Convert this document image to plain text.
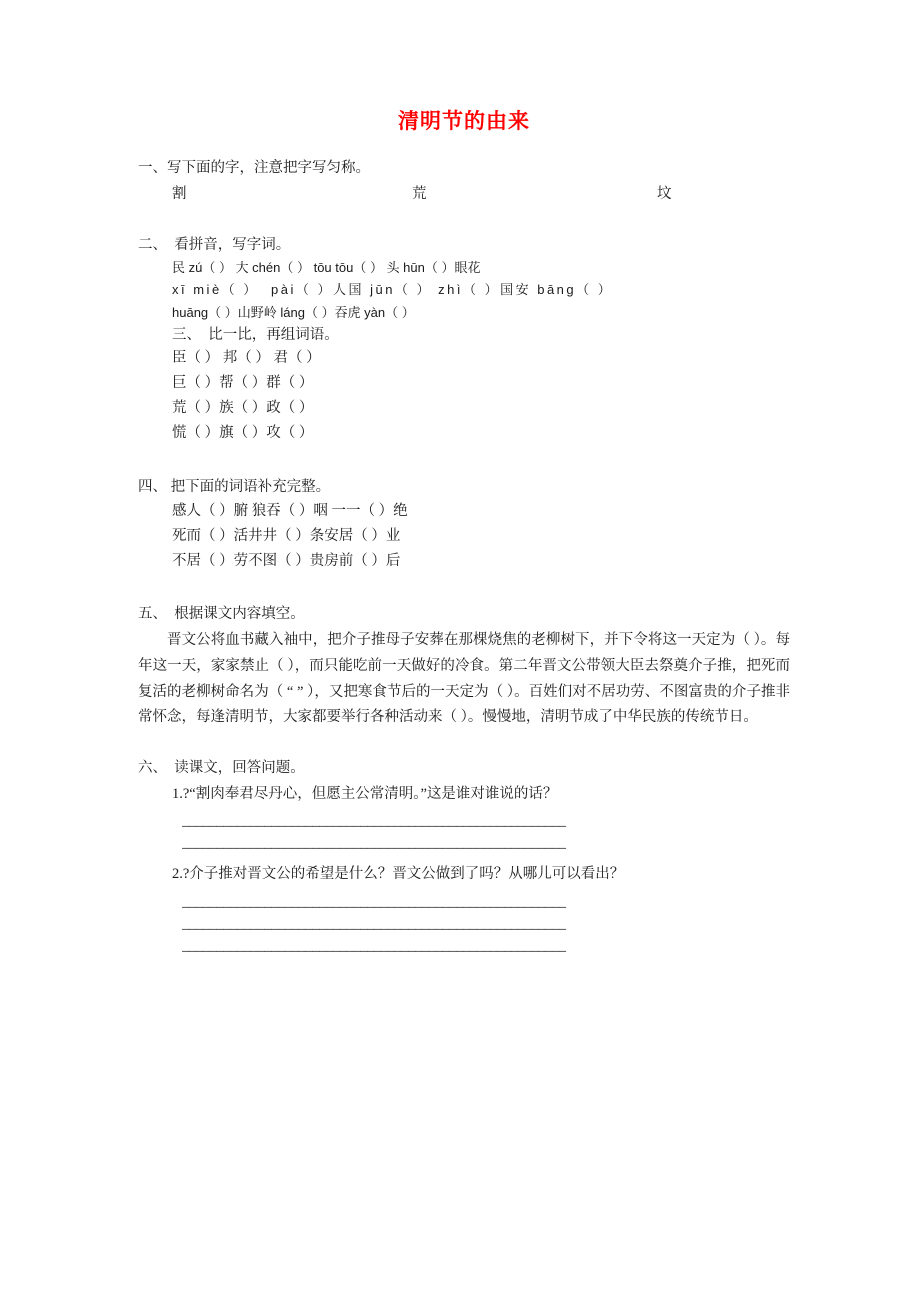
清明节的由来
一、写下面的字，注意把字写匀称。
割	荒	坟
二、  看拼音，写字词。
民 zú（ ） 大 chén（ ） tōu tōu（ ） 头 hūn（ ）眼花
xī miè（ ）  pài（ ）人国 jūn（ ） zhì（ ）国安 bāng（ ）
huāng（ ）山野岭 láng（ ）吞虎 yàn（ ）
三、  比一比，再组词语。
臣（ ） 邦（ ） 君（ ）
巨（ ）帮（ ）群（ ）
荒（ ）族（ ）政（ ）
慌（ ）旗（ ）攻（ ）
四、 把下面的词语补充完整。
感人（ ）腑 狼吞（ ）咽 一一（ ）绝
死而（ ）活井井（ ）条安居（ ）业
不居（ ）劳不图（ ）贵房前（ ）后
五、  根据课文内容填空。

晋文公将血书藏入袖中，把介子推母子安葬在那棵烧焦的老柳树下，并下令将这一天定为（ ）。每年这一天，家家禁止（ ），而只能吃前一天做好的冷食。第二年晋文公带领大臣去祭奠介子推，把死而复活的老柳树命名为（ “ ” ），又把寒食节后的一天定为（ ）。百姓们对不居功劳、不图富贵的介子推非常怀念，每逢清明节，大家都要举行各种活动来（ ）。慢慢地，清明节成了中华民族的传统节日。

六、  读课文，回答问题。
1.?“割肉奉君尽丹心，但愿主公常清明。”这是谁对谁说的话？
________________________________________________________
________________________________________________________
2.?介子推对晋文公的希望是什么？晋文公做到了吗？从哪儿可以看出？
________________________________________________________
________________________________________________________
________________________________________________________
